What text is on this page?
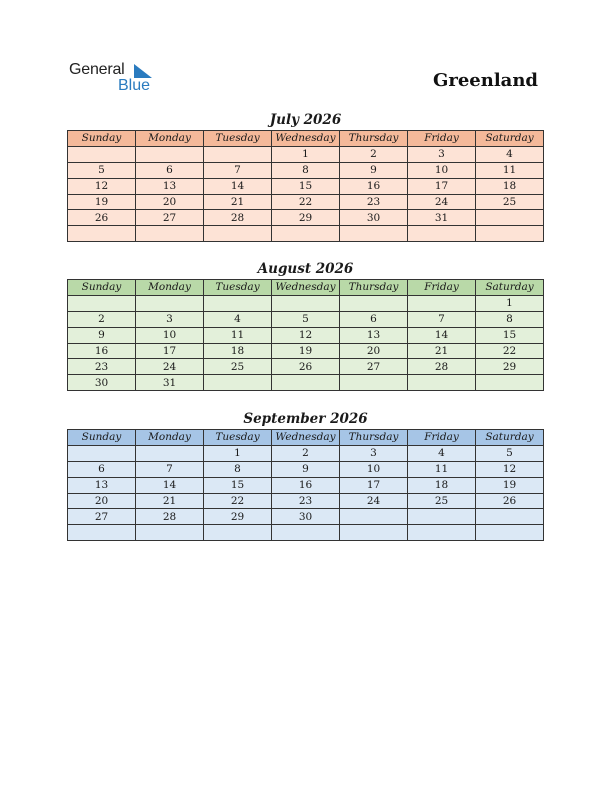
General
Blue	Greenland
July 2026
Sunday	Monday	Tuesday	Wednesday	Thursday	Friday	Saturday
			1	2	3	4
5	6	7	8	9	10	11
12	13	14	15	16	17	18
19	20	21	22	23	24	25
26	27	28	29	30	31	

August 2026
Sunday	Monday	Tuesday	Wednesday	Thursday	Friday	Saturday
						1
2	3	4	5	6	7	8
9	10	11	12	13	14	15
16	17	18	19	20	21	22
23	24	25	26	27	28	29
30	31					
September 2026
Sunday	Monday	Tuesday	Wednesday	Thursday	Friday	Saturday
		1	2	3	4	5
6	7	8	9	10	11	12
13	14	15	16	17	18	19
20	21	22	23	24	25	26
27	28	29	30			
